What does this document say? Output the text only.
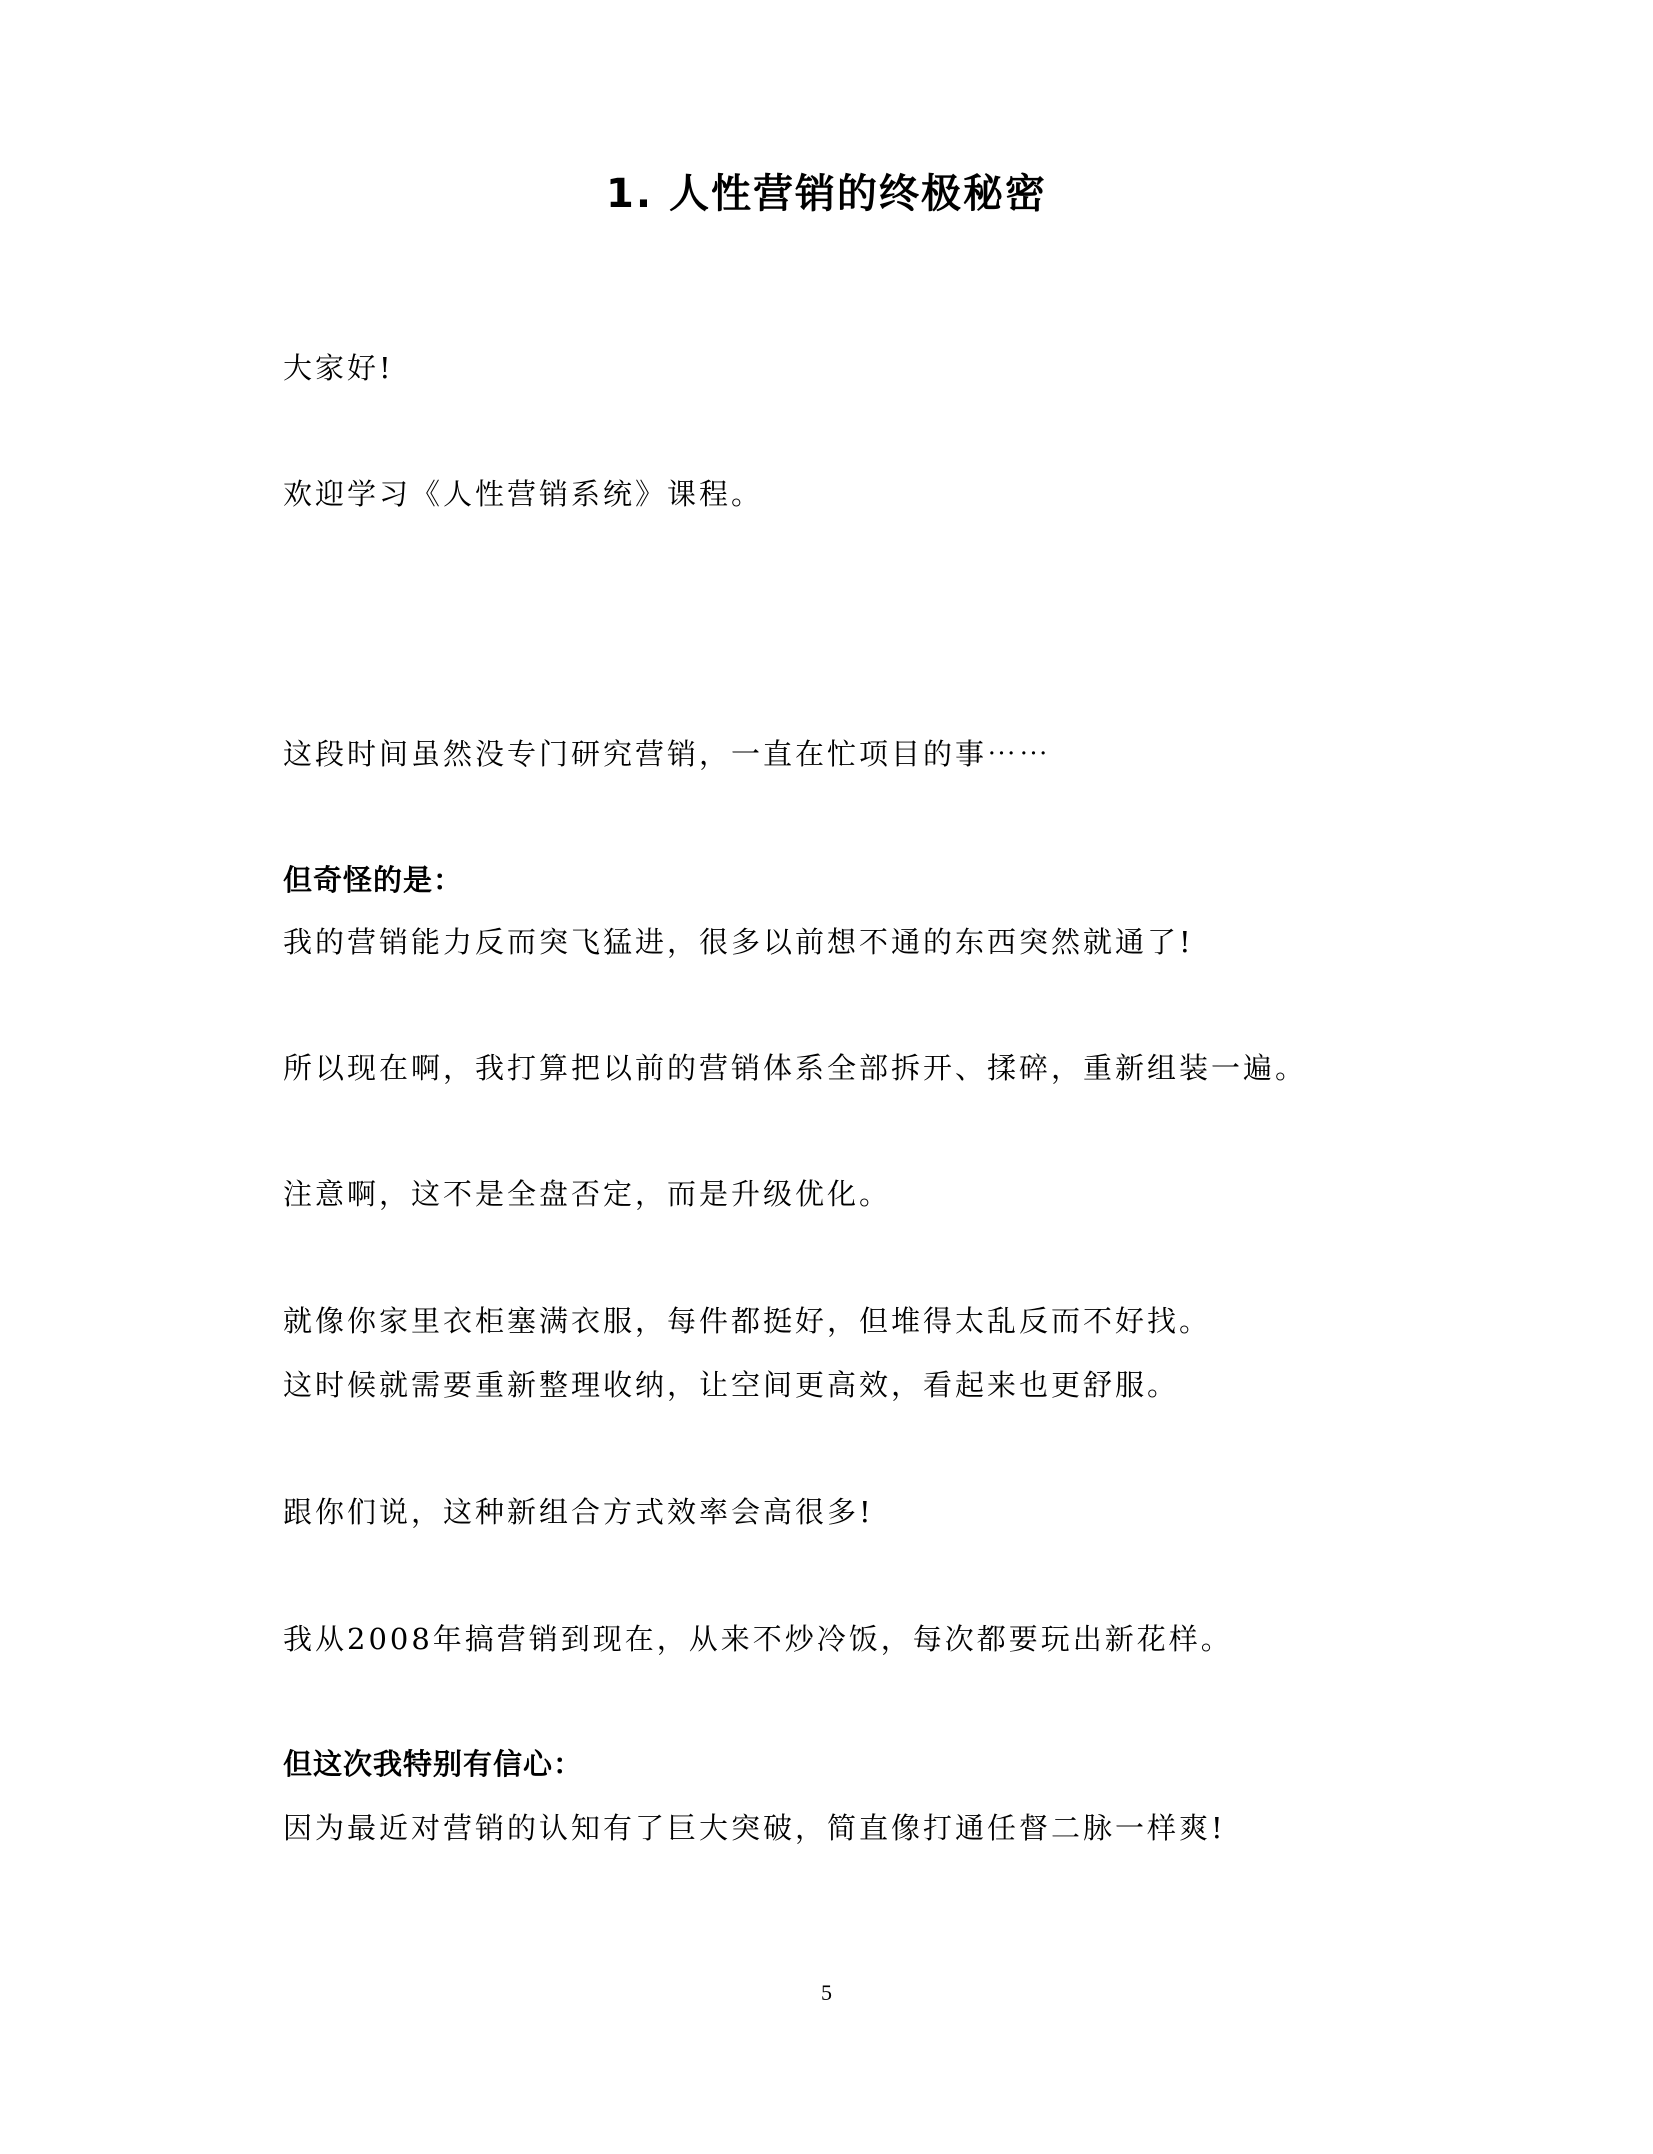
1. 人性营销的终极秘密
大家好!
欢迎学习《人性营销系统》课程。
这段时间虽然没专门研究营销，一直在忙项目的事⋯⋯
但奇怪的是：
我的营销能力反而突飞猛进，很多以前想不通的东西突然就通了!
所以现在啊，我打算把以前的营销体系全部拆开、揉碎，重新组装一遍。
注意啊，这不是全盘否定，而是升级优化。
就像你家里衣柜塞满衣服，每件都挺好，但堆得太乱反而不好找。
这时候就需要重新整理收纳，让空间更高效，看起来也更舒服。
跟你们说，这种新组合方式效率会高很多!
我从2008年搞营销到现在，从来不炒冷饭，每次都要玩出新花样。
但这次我特别有信心：
因为最近对营销的认知有了巨大突破，简直像打通任督二脉一样爽!
5
